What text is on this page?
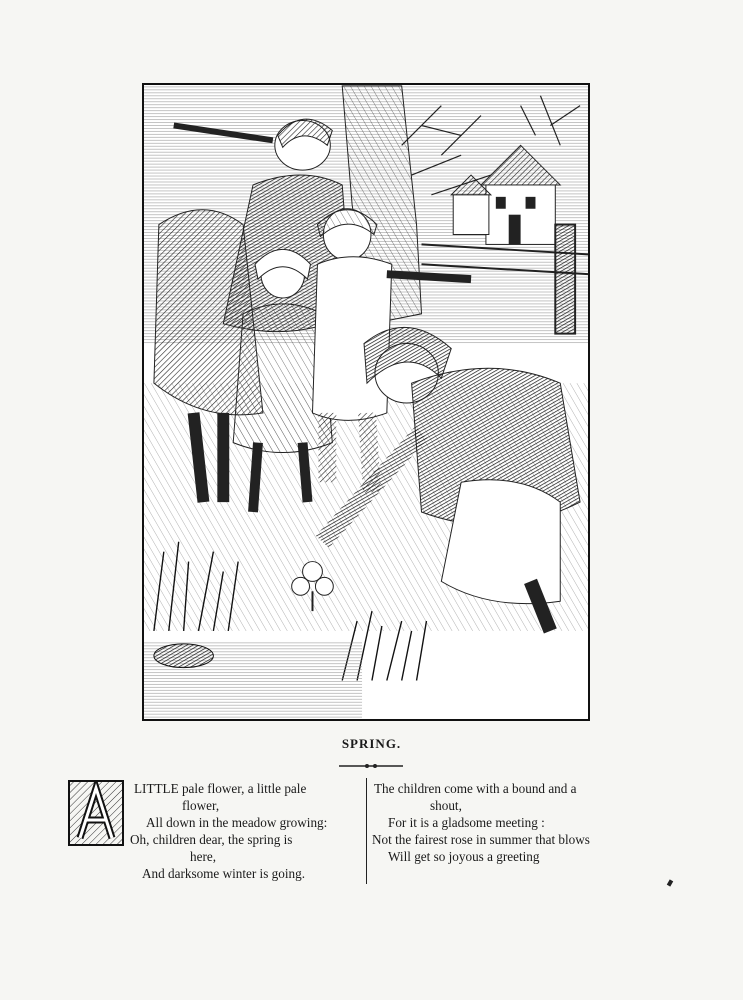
SPRING.
LITTLE pale flower, a little pale
flower,
All down in the meadow growing:
Oh, children dear, the spring is
here,
And darksome winter is going.
The children come with a bound and a
shout,
For it is a gladsome meeting :
Not the fairest rose in summer that blows
Will get so joyous a greeting
